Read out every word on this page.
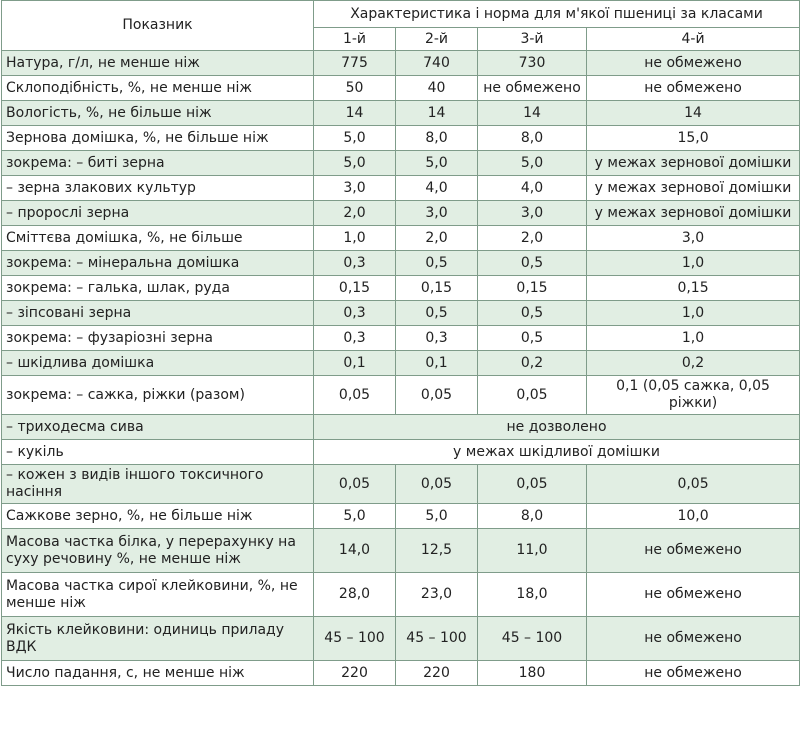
Показник	Характеристика і норма для м'якої пшениці за класами			
	1-й	2-й	3-й	4-й
Натура, г/л, не менше ніж	775	740	730	не обмежено
Склоподібність, %, не менше ніж	50	40	не обмежено	не обмежено
Вологість, %, не більше ніж	14	14	14	14
Зернова домішка, %, не більше ніж	5,0	8,0	8,0	15,0
зокрема: – биті зерна	5,0	5,0	5,0	у межах зернової домішки
– зерна злакових культур	3,0	4,0	4,0	у межах зернової домішки
– пророслі зерна	2,0	3,0	3,0	у межах зернової домішки
Сміттєва домішка, %, не більше	1,0	2,0	2,0	3,0
зокрема: – мінеральна домішка	0,3	0,5	0,5	1,0
зокрема: – галька, шлак, руда	0,15	0,15	0,15	0,15
– зіпсовані зерна	0,3	0,5	0,5	1,0
зокрема: – фузаріозні зерна	0,3	0,3	0,5	1,0
– шкідлива домішка	0,1	0,1	0,2	0,2
зокрема: – сажка, ріжки (разом)	0,05	0,05	0,05	0,1 (0,05 сажка, 0,05 ріжки)
– триходесма сива	не дозволено			
– кукіль	у межах шкідливої домішки			
– кожен з видів іншого токсичного насіння	0,05	0,05	0,05	0,05
Сажкове зерно, %, не більше ніж	5,0	5,0	8,0	10,0
Масова частка білка, у перерахунку на суху речовину %, не менше ніж	14,0	12,5	11,0	не обмежено
Масова частка сирої клейковини, %, не менше ніж	28,0	23,0	18,0	не обмежено
Якість клейковини: одиниць приладу ВДК	45 – 100	45 – 100	45 – 100	не обмежено
Число падання, с, не менше ніж	220	220	180	не обмежено
